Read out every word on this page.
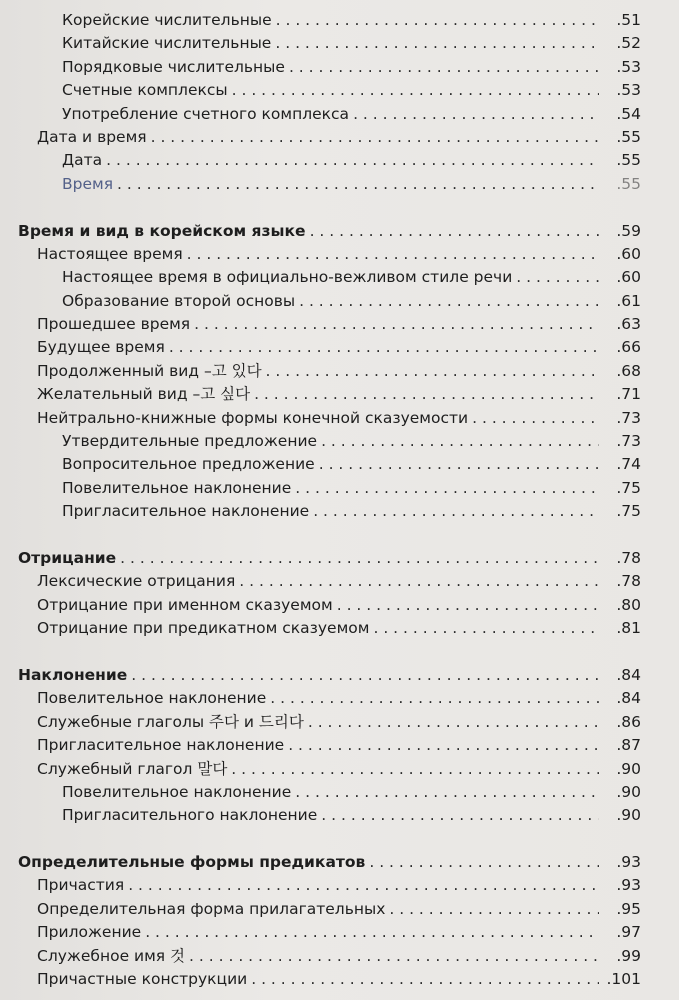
Корейские числительные . . .	.51
Китайские числительные . . .	.52
Порядковые числительные . . .	.53
Счетные комплексы . . .	.53
Употребление счетного комплекса . . .	.54
Дата и время . . .	.55
Дата . . .	.55
Время . . .	.55
Время и вид в корейском языке . . .	.59
Настоящее время . . .	.60
Настоящее время в официально-вежливом стиле речи . . .	.60
Образование второй основы . . .	.61
Прошедшее время . . .	.63
Будущее время . . .	.66
Продолженный вид –고 있다 . . .	.68
Желательный вид –고 싶다 . . .	.71
Нейтрально-книжные формы конечной сказуемости . . .	.73
Утвердительные предложение . . .	.73
Вопросительное предложение . . .	.74
Повелительное наклонение . . .	.75
Пригласительное наклонение . . .	.75
Отрицание . . .	.78
Лексические отрицания . . .	.78
Отрицание при именном сказуемом . . .	.80
Отрицание при предикатном сказуемом . . .	.81
Наклонение . . .	.84
Повелительное наклонение . . .	.84
Служебные глаголы 주다 и 드리다 . . .	.86
Пригласительное наклонение . . .	.87
Служебный глагол 말다 . . .	.90
Повелительное наклонение . . .	.90
Пригласительного наклонение . . .	.90
Определительные формы предикатов . . .	.93
Причастия . . .	.93
Определительная форма прилагательных . . .	.95
Приложение . . .	.97
Служебное имя 것 . . .	.99
Причастные конструкции . . .	.101
